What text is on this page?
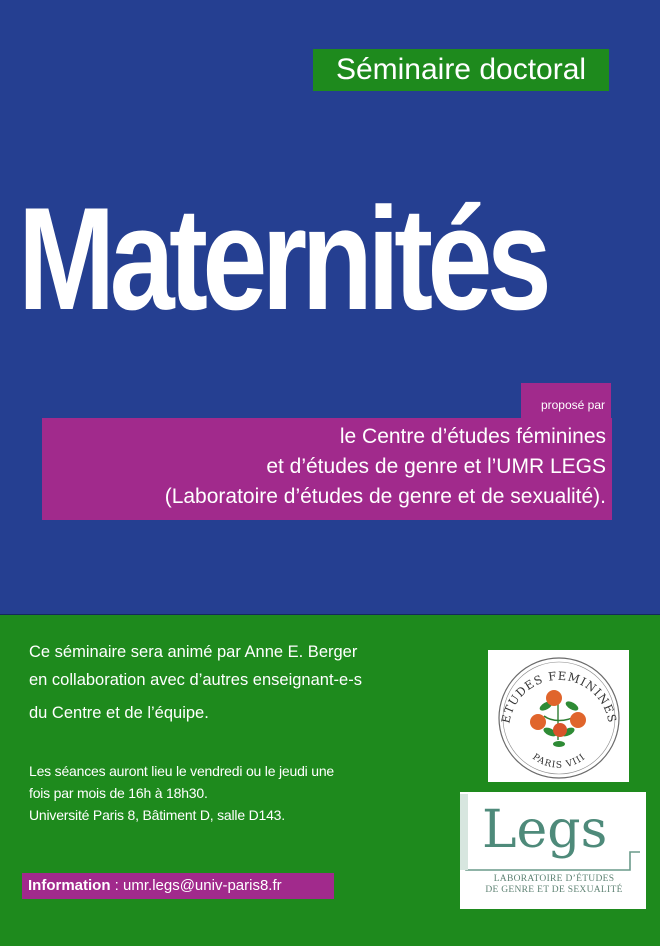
Séminaire doctoral
Maternités
proposé par
le Centre d’études féminines
et d’études de genre et l’UMR LEGS
(Laboratoire d’études de genre et de sexualité).
Ce séminaire sera animé par Anne E. Berger
en collaboration avec d’autres enseignant-e-s
du Centre et de l’équipe.
Les séances auront lieu le vendredi ou le jeudi une
fois par mois de 16h à 18h30.
Université Paris 8, Bâtiment D, salle D143.
Information : umr.legs@univ-paris8.fr
ETUDES FEMININES
PARIS VIII
Legs
LABORATOIRE D’ÉTUDES
DE GENRE ET DE SEXUALITÉ
